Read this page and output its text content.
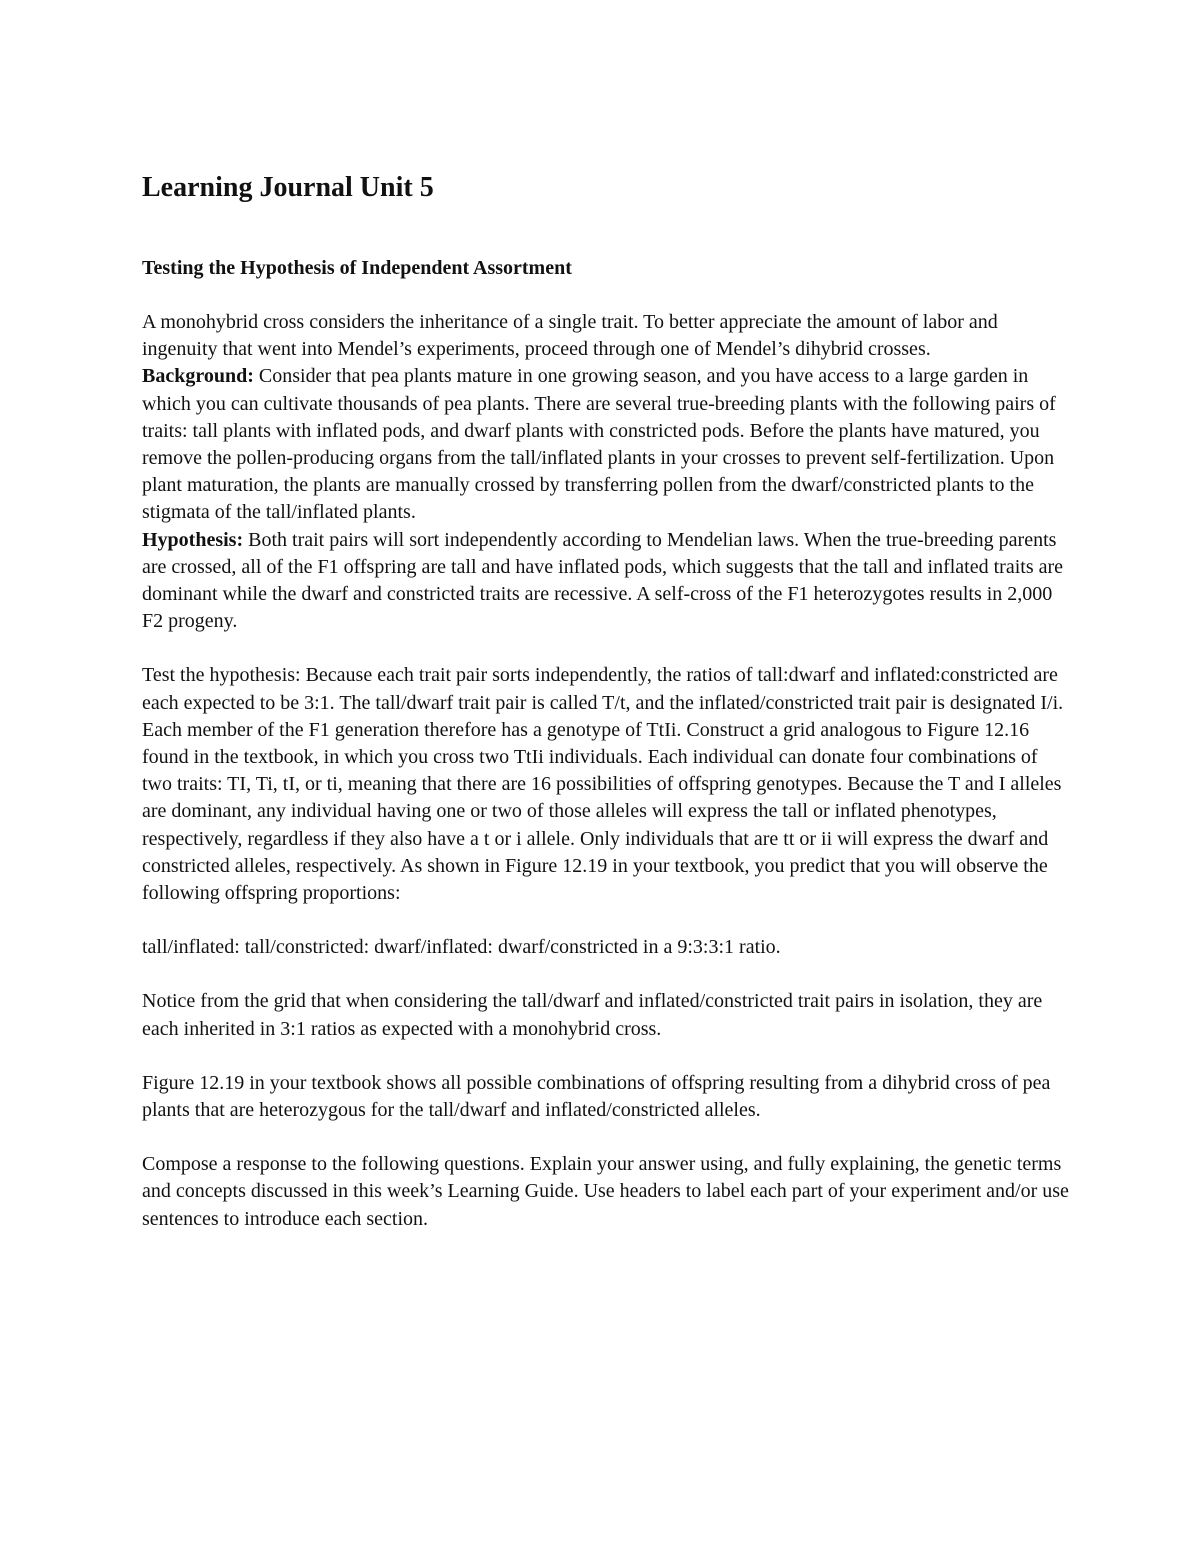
Learning Journal Unit 5
Testing the Hypothesis of Independent Assortment

A monohybrid cross considers the inheritance of a single trait. To better appreciate the amount of labor and ingenuity that went into Mendel’s experiments, proceed through one of Mendel’s dihybrid crosses.

Background: Consider that pea plants mature in one growing season, and you have access to a large garden in which you can cultivate thousands of pea plants. There are several true-breeding plants with the following pairs of traits: tall plants with inflated pods, and dwarf plants with constricted pods. Before the plants have matured, you remove the pollen-producing organs from the tall/inflated plants in your crosses to prevent self-fertilization. Upon plant maturation, the plants are manually crossed by transferring pollen from the dwarf/constricted plants to the stigmata of the tall/inflated plants.

Hypothesis: Both trait pairs will sort independently according to Mendelian laws. When the true-breeding parents are crossed, all of the F1 offspring are tall and have inflated pods, which suggests that the tall and inflated traits are dominant while the dwarf and constricted traits are recessive. A self-cross of the F1 heterozygotes results in 2,000 F2 progeny.

Test the hypothesis: Because each trait pair sorts independently, the ratios of tall:dwarf and inflated:constricted are each expected to be 3:1. The tall/dwarf trait pair is called T/t, and the inflated/constricted trait pair is designated I/i. Each member of the F1 generation therefore has a genotype of TtIi. Construct a grid analogous to Figure 12.16 found in the textbook, in which you cross two TtIi individuals. Each individual can donate four combinations of two traits: TI, Ti, tI, or ti, meaning that there are 16 possibilities of offspring genotypes. Because the T and I alleles are dominant, any individual having one or two of those alleles will express the tall or inflated phenotypes, respectively, regardless if they also have a t or i allele. Only individuals that are tt or ii will express the dwarf and constricted alleles, respectively. As shown in Figure 12.19 in your textbook, you predict that you will observe the following offspring proportions:

tall/inflated: tall/constricted: dwarf/inflated: dwarf/constricted in a 9:3:3:1 ratio.

Notice from the grid that when considering the tall/dwarf and inflated/constricted trait pairs in isolation, they are each inherited in 3:1 ratios as expected with a monohybrid cross.

Figure 12.19 in your textbook shows all possible combinations of offspring resulting from a dihybrid cross of pea plants that are heterozygous for the tall/dwarf and inflated/constricted alleles.

Compose a response to the following questions. Explain your answer using, and fully explaining, the genetic terms and concepts discussed in this week’s Learning Guide. Use headers to label each part of your experiment and/or use sentences to introduce each section.
